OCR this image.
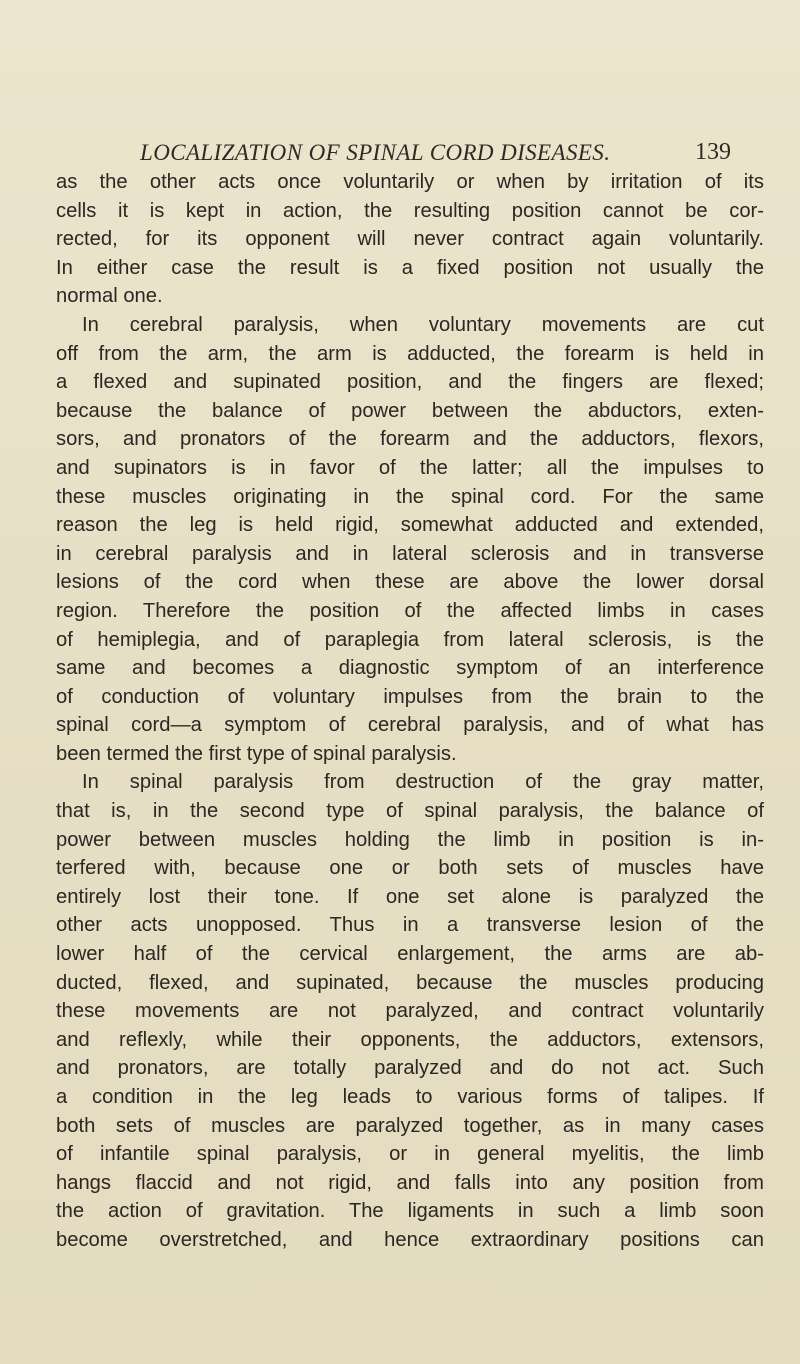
LOCALIZATION OF SPINAL CORD DISEASES.	139
as the other acts once voluntarily or when by irritation of its
cells it is kept in action, the resulting position cannot be cor-
rected, for its opponent will never contract again voluntarily.
In either case the result is a fixed position not usually the
normal one.
In cerebral paralysis, when voluntary movements are cut
off from the arm, the arm is adducted, the forearm is held in
a flexed and supinated position, and the fingers are flexed;
because the balance of power between the abductors, exten-
sors, and pronators of the forearm and the adductors, flexors,
and supinators is in favor of the latter; all the impulses to
these muscles originating in the spinal cord. For the same
reason the leg is held rigid, somewhat adducted and extended,
in cerebral paralysis and in lateral sclerosis and in transverse
lesions of the cord when these are above the lower dorsal
region. Therefore the position of the affected limbs in cases
of hemiplegia, and of paraplegia from lateral sclerosis, is the
same and becomes a diagnostic symptom of an interference
of conduction of voluntary impulses from the brain to the
spinal cord—a symptom of cerebral paralysis, and of what has
been termed the first type of spinal paralysis.
In spinal paralysis from destruction of the gray matter,
that is, in the second type of spinal paralysis, the balance of
power between muscles holding the limb in position is in-
terfered with, because one or both sets of muscles have
entirely lost their tone. If one set alone is paralyzed the
other acts unopposed. Thus in a transverse lesion of the
lower half of the cervical enlargement, the arms are ab-
ducted, flexed, and supinated, because the muscles producing
these movements are not paralyzed, and contract voluntarily
and reflexly, while their opponents, the adductors, extensors,
and pronators, are totally paralyzed and do not act. Such
a condition in the leg leads to various forms of talipes. If
both sets of muscles are paralyzed together, as in many cases
of infantile spinal paralysis, or in general myelitis, the limb
hangs flaccid and not rigid, and falls into any position from
the action of gravitation. The ligaments in such a limb soon
become overstretched, and hence extraordinary positions can
